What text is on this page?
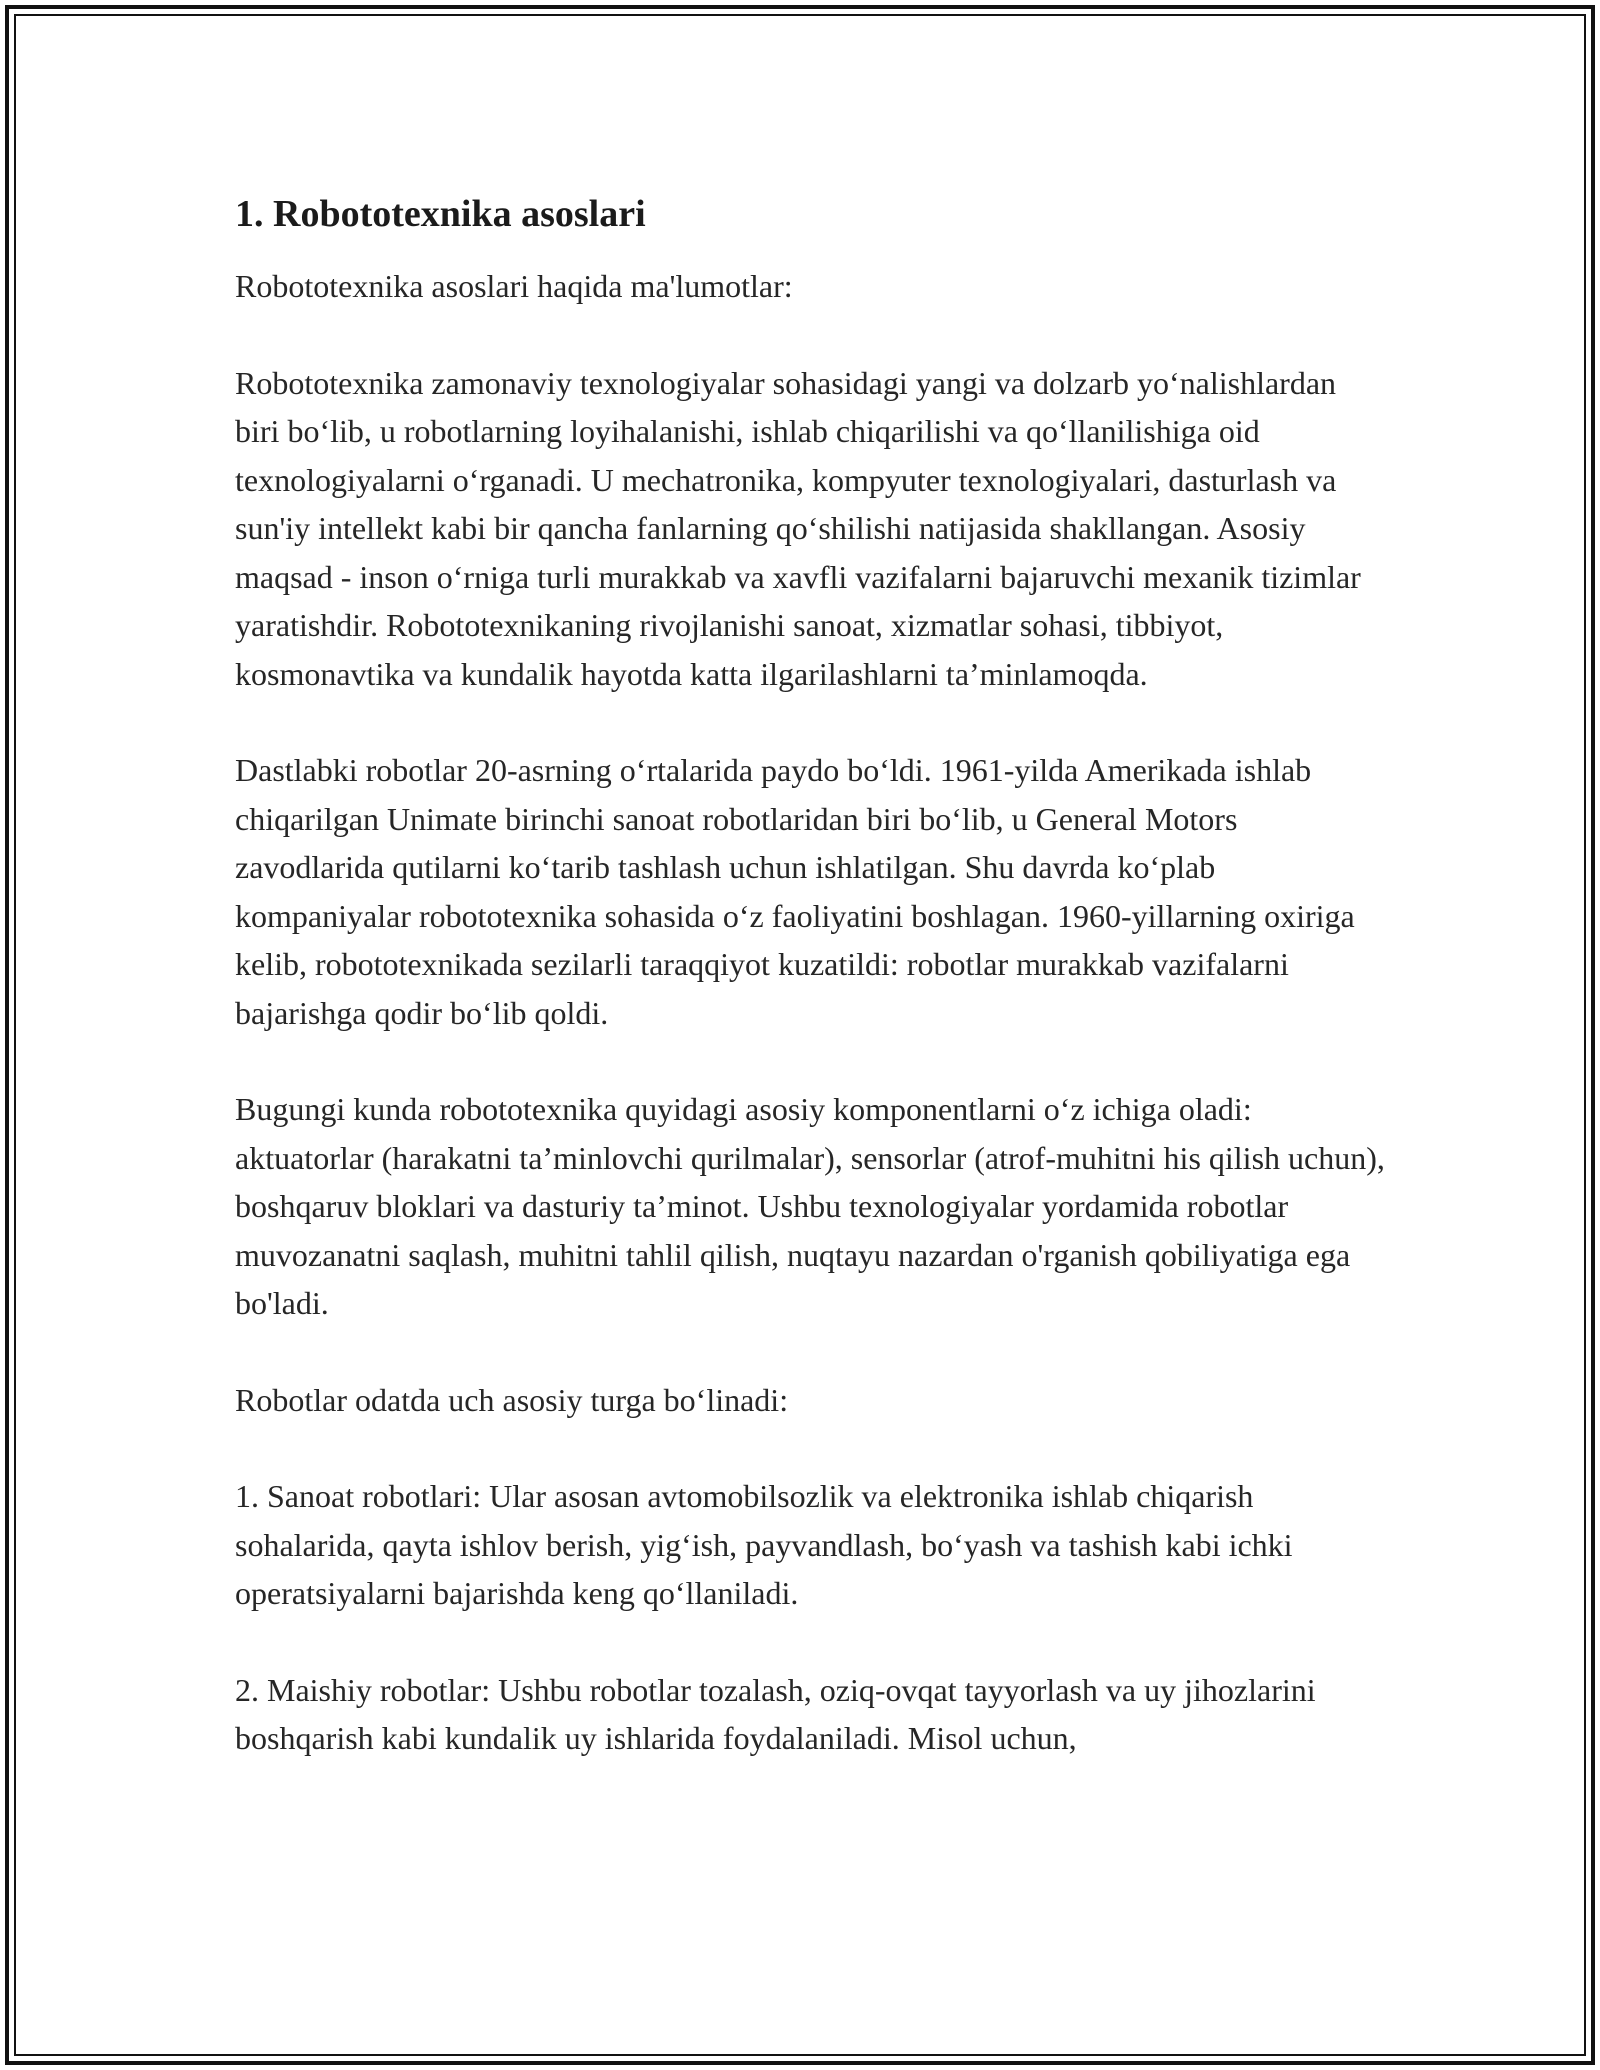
1. Robototexnika asoslari

Robototexnika asoslari haqida ma'lumotlar:

Robototexnika zamonaviy texnologiyalar sohasidagi yangi va dolzarb yo‘nalishlardan biri bo‘lib, u robotlarning loyihalanishi, ishlab chiqarilishi va qo‘llanilishiga oid texnologiyalarni o‘rganadi. U mechatronika, kompyuter texnologiyalari, dasturlash va sun'iy intellekt kabi bir qancha fanlarning qo‘shilishi natijasida shakllangan. Asosiy maqsad - inson o‘rniga turli murakkab va xavfli vazifalarni bajaruvchi mexanik tizimlar yaratishdir. Robototexnikaning rivojlanishi sanoat, xizmatlar sohasi, tibbiyot, kosmonavtika va kundalik hayotda katta ilgarilashlarni ta’minlamoqda.

Dastlabki robotlar 20-asrning o‘rtalarida paydo bo‘ldi. 1961-yilda Amerikada ishlab chiqarilgan Unimate birinchi sanoat robotlaridan biri bo‘lib, u General Motors zavodlarida qutilarni ko‘tarib tashlash uchun ishlatilgan. Shu davrda ko‘plab kompaniyalar robototexnika sohasida o‘z faoliyatini boshlagan. 1960-yillarning oxiriga kelib, robototexnikada sezilarli taraqqiyot kuzatildi: robotlar murakkab vazifalarni bajarishga qodir bo‘lib qoldi.

Bugungi kunda robototexnika quyidagi asosiy komponentlarni o‘z ichiga oladi: aktuatorlar (harakatni ta’minlovchi qurilmalar), sensorlar (atrof-muhitni his qilish uchun), boshqaruv bloklari va dasturiy ta’minot. Ushbu texnologiyalar yordamida robotlar muvozanatni saqlash, muhitni tahlil qilish, nuqtayu nazardan o'rganish qobiliyatiga ega bo'ladi.

Robotlar odatda uch asosiy turga bo‘linadi:

1. Sanoat robotlari: Ular asosan avtomobilsozlik va elektronika ishlab chiqarish sohalarida, qayta ishlov berish, yig‘ish, payvandlash, bo‘yash va tashish kabi ichki operatsiyalarni bajarishda keng qo‘llaniladi.

2. Maishiy robotlar: Ushbu robotlar tozalash, oziq-ovqat tayyorlash va uy jihozlarini boshqarish kabi kundalik uy ishlarida foydalaniladi. Misol uchun,
